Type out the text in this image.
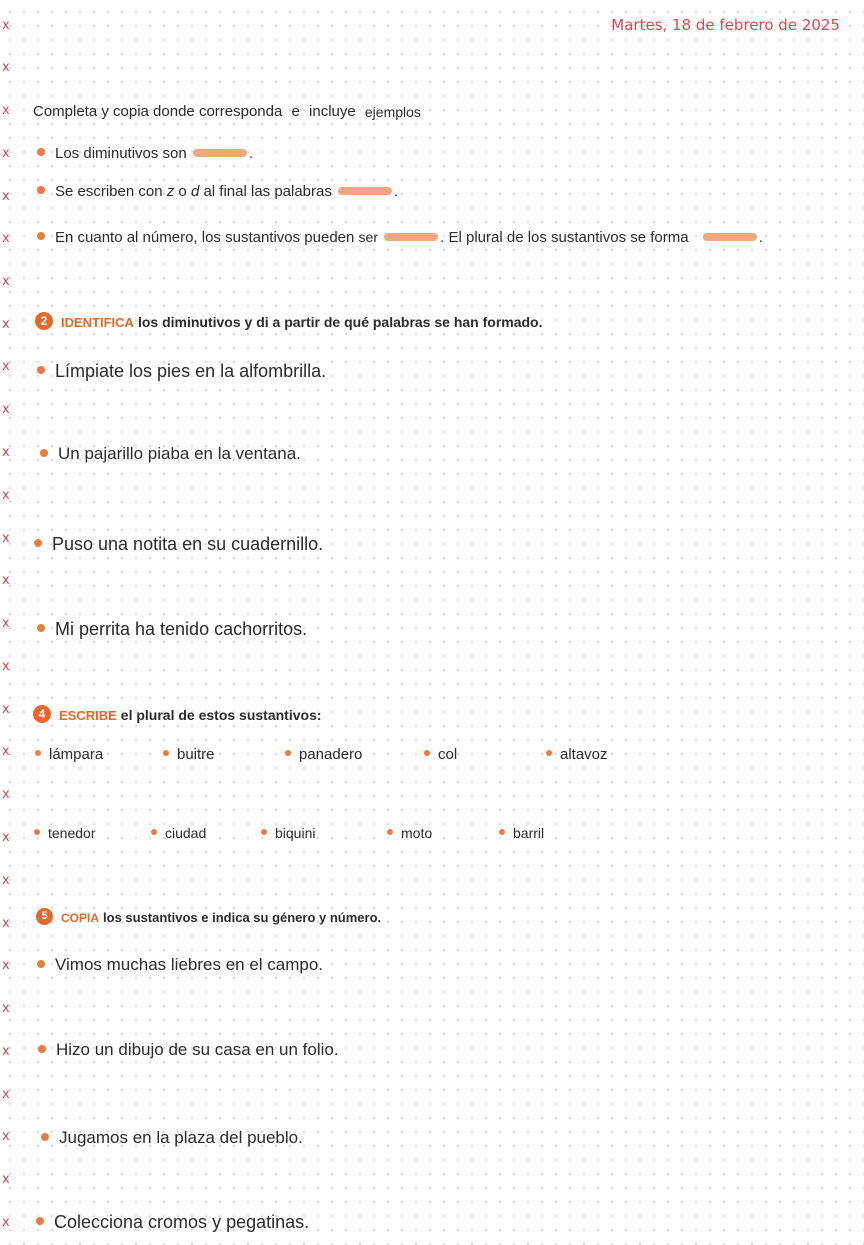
Martes, 18 de febrero de 2025
x
x
x
x
x
x
x
x
x
x
x
x
x
x
x
x
x
x
x
x
x
x
x
x
x
x
x
x
x
Completa y copia donde corresponda e incluye ejemplos
Los diminutivos son	.
Se escriben con z o d al final las palabras	.
En cuanto al número, los sustantivos pueden ser	. El plural de los sustantivos se forma	.
2 IDENTIFICA los diminutivos y di a partir de qué palabras se han formado.
Límpiate los pies en la alfombrilla.
Un pajarillo piaba en la ventana.
Puso una notita en su cuadernillo.
Mi perrita ha tenido cachorritos.
4 ESCRIBE el plural de estos sustantivos:
lámpara	buitre	panadero	col	altavoz
tenedor	ciudad	biquini	moto	barril
5 COPIA los sustantivos e indica su género y número.
Vimos muchas liebres en el campo.
Hizo un dibujo de su casa en un folio.
Jugamos en la plaza del pueblo.
Colecciona cromos y pegatinas.
